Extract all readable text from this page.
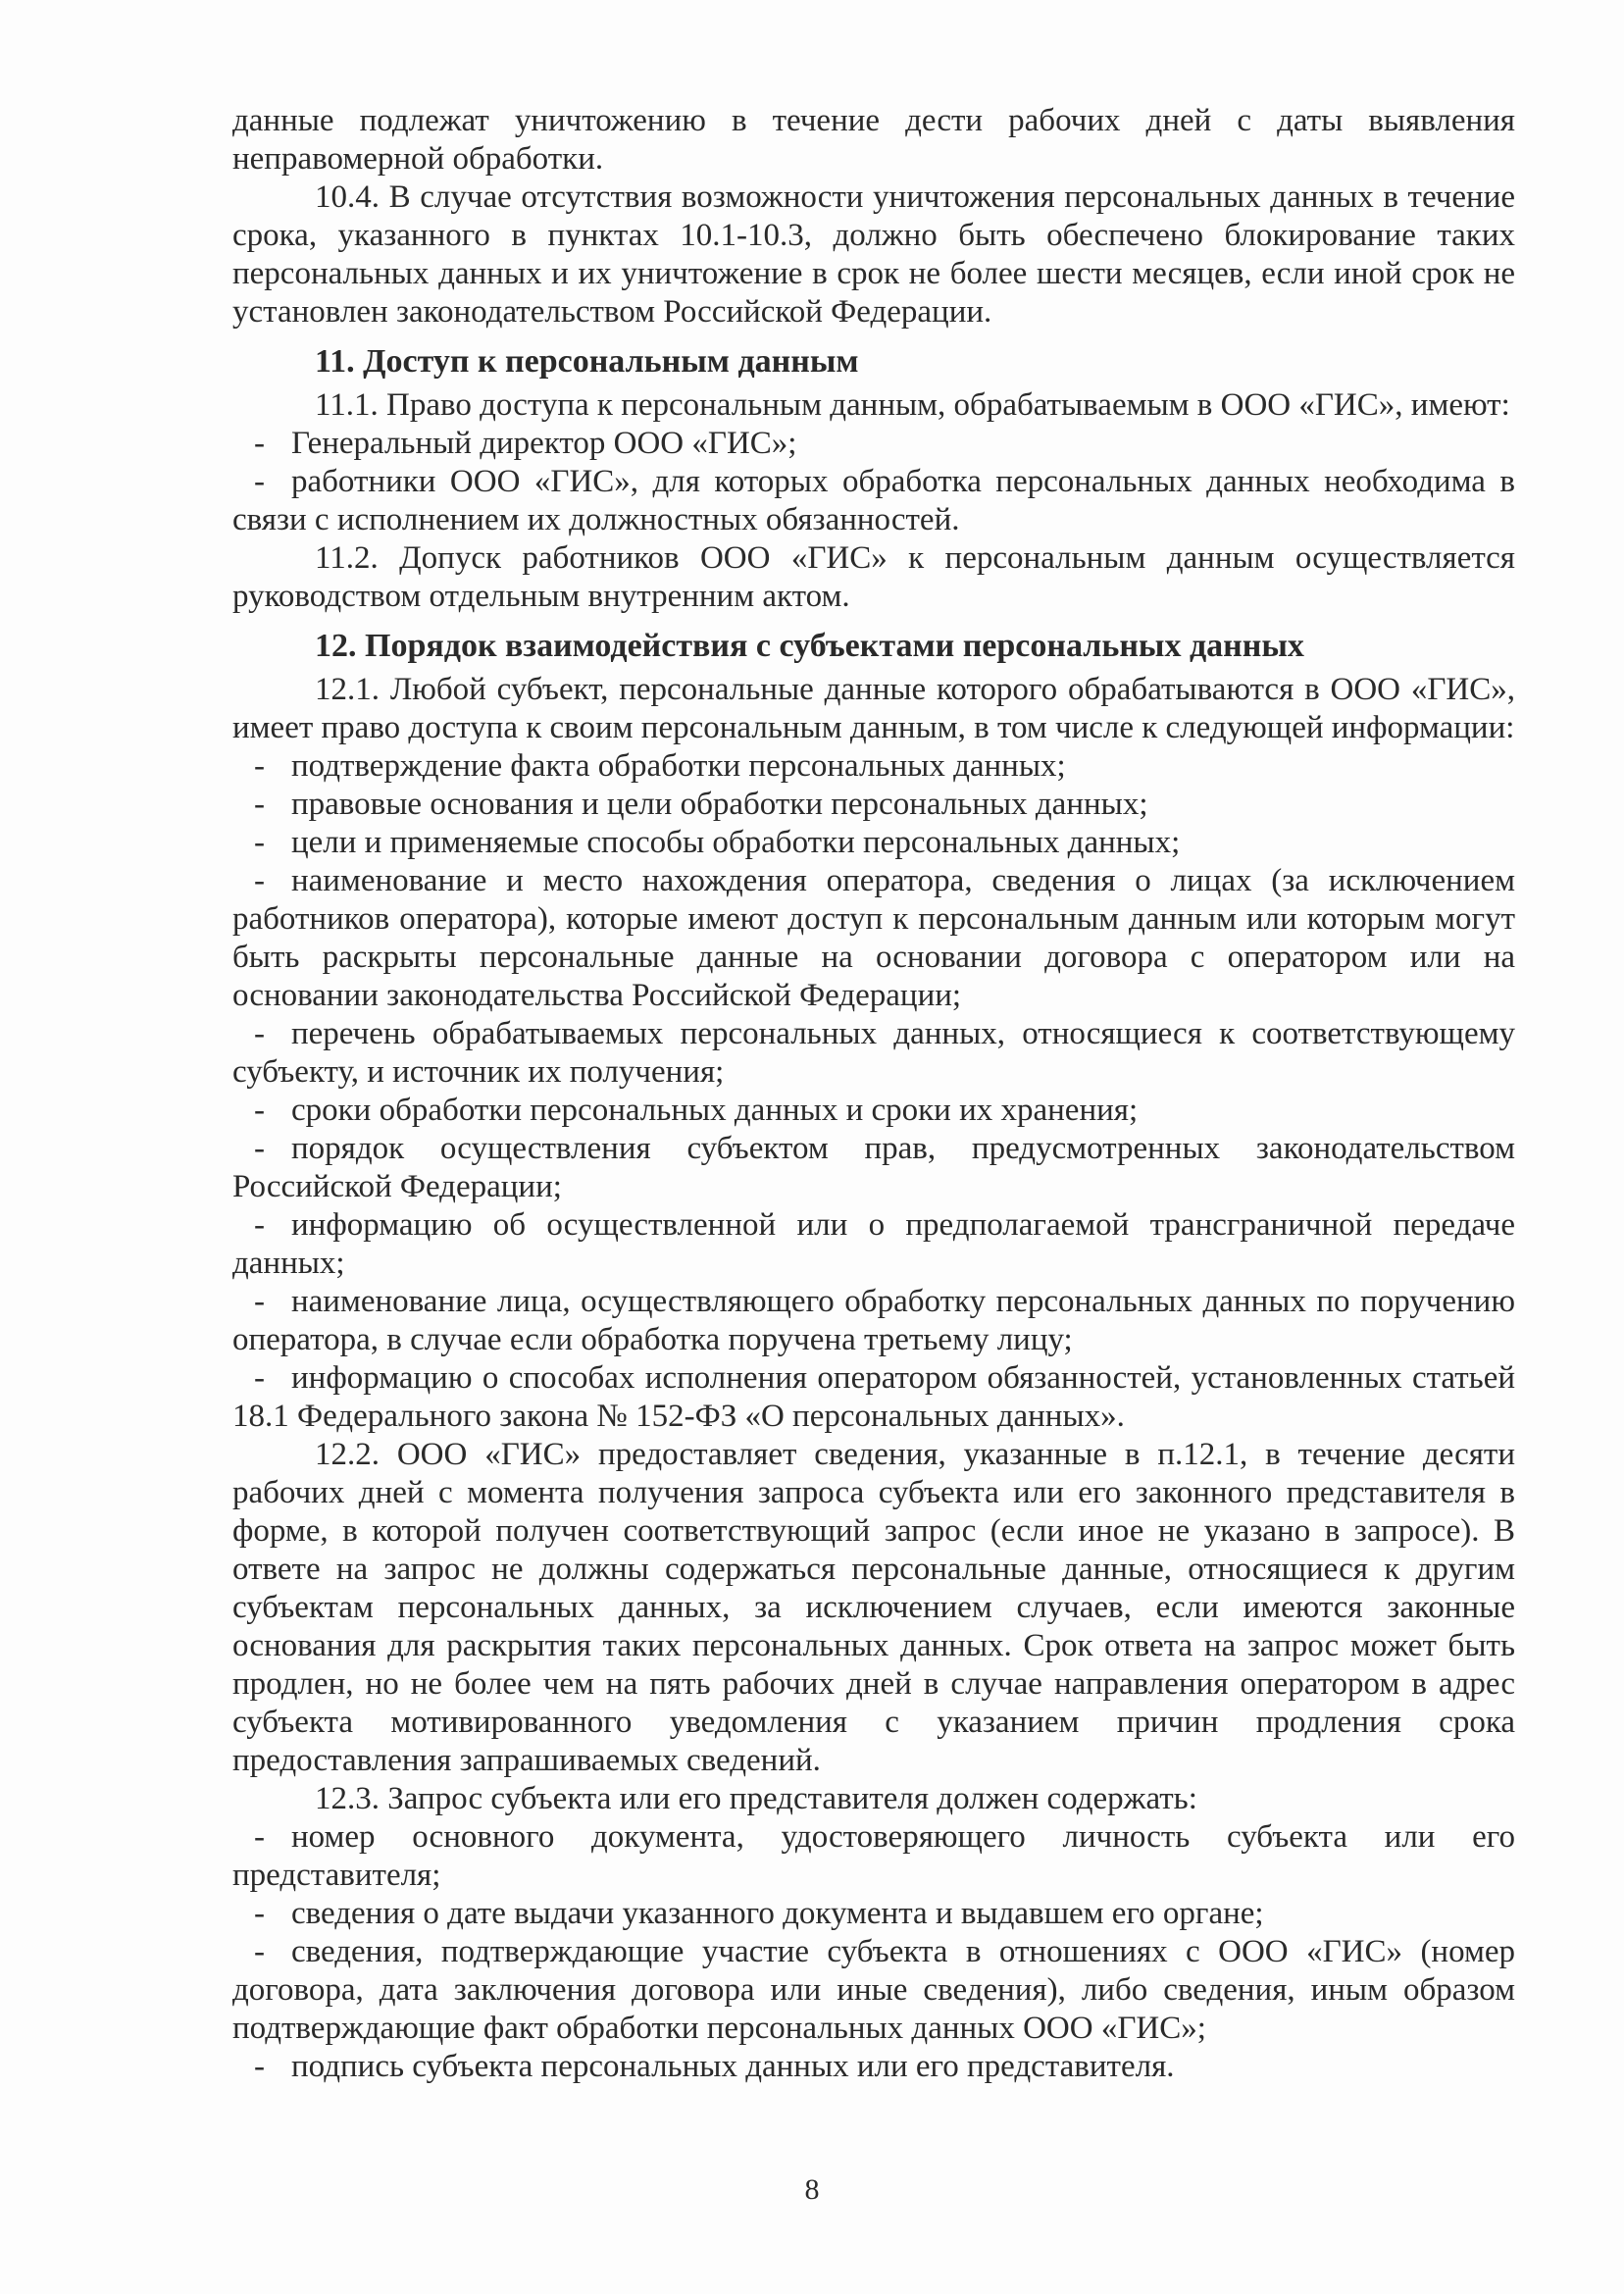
данные подлежат уничтожению в течение дести рабочих дней с даты выявления неправомерной обработки.

10.4. В случае отсутствия возможности уничтожения персональных данных в течение срока, указанного в пунктах 10.1-10.3, должно быть обеспечено блокирование таких персональных данных и их уничтожение в срок не более шести месяцев, если иной срок не установлен законодательством Российской Федерации.

11. Доступ к персональным данным

11.1. Право доступа к персональным данным, обрабатываемым в ООО «ГИС», имеют:

- Генеральный директор ООО «ГИС»;

- работники ООО «ГИС», для которых обработка персональных данных необходима в связи с исполнением их должностных обязанностей.

11.2. Допуск работников ООО «ГИС» к персональным данным осуществляется руководством отдельным внутренним актом.

12. Порядок взаимодействия с субъектами персональных данных

12.1. Любой субъект, персональные данные которого обрабатываются в ООО «ГИС», имеет право доступа к своим персональным данным, в том числе к следующей информации:

- подтверждение факта обработки персональных данных;

- правовые основания и цели обработки персональных данных;

- цели и применяемые способы обработки персональных данных;

- наименование и место нахождения оператора, сведения о лицах (за исключением работников оператора), которые имеют доступ к персональным данным или которым могут быть раскрыты персональные данные на основании договора с оператором или на основании законодательства Российской Федерации;

- перечень обрабатываемых персональных данных, относящиеся к соответствующему субъекту, и источник их получения;

- сроки обработки персональных данных и сроки их хранения;

- порядок осуществления субъектом прав, предусмотренных законодательством Российской Федерации;

- информацию об осуществленной или о предполагаемой трансграничной передаче данных;

- наименование лица, осуществляющего обработку персональных данных по поручению оператора, в случае если обработка поручена третьему лицу;

- информацию о способах исполнения оператором обязанностей, установленных статьей 18.1 Федерального закона № 152-ФЗ «О персональных данных».

12.2. ООО «ГИС» предоставляет сведения, указанные в п.12.1, в течение десяти рабочих дней с момента получения запроса субъекта или его законного представителя в форме, в которой получен соответствующий запрос (если иное не указано в запросе). В ответе на запрос не должны содержаться персональные данные, относящиеся к другим субъектам персональных данных, за исключением случаев, если имеются законные основания для раскрытия таких персональных данных. Срок ответа на запрос может быть продлен, но не более чем на пять рабочих дней в случае направления оператором в адрес субъекта мотивированного уведомления с указанием причин продления срока предоставления запрашиваемых сведений.

12.3. Запрос субъекта или его представителя должен содержать:

- номер основного документа, удостоверяющего личность субъекта или его представителя;

- сведения о дате выдачи указанного документа и выдавшем его органе;

- сведения, подтверждающие участие субъекта в отношениях с ООО «ГИС» (номер договора, дата заключения договора или иные сведения), либо сведения, иным образом подтверждающие факт обработки персональных данных ООО «ГИС»;

- подпись субъекта персональных данных или его представителя.

8
